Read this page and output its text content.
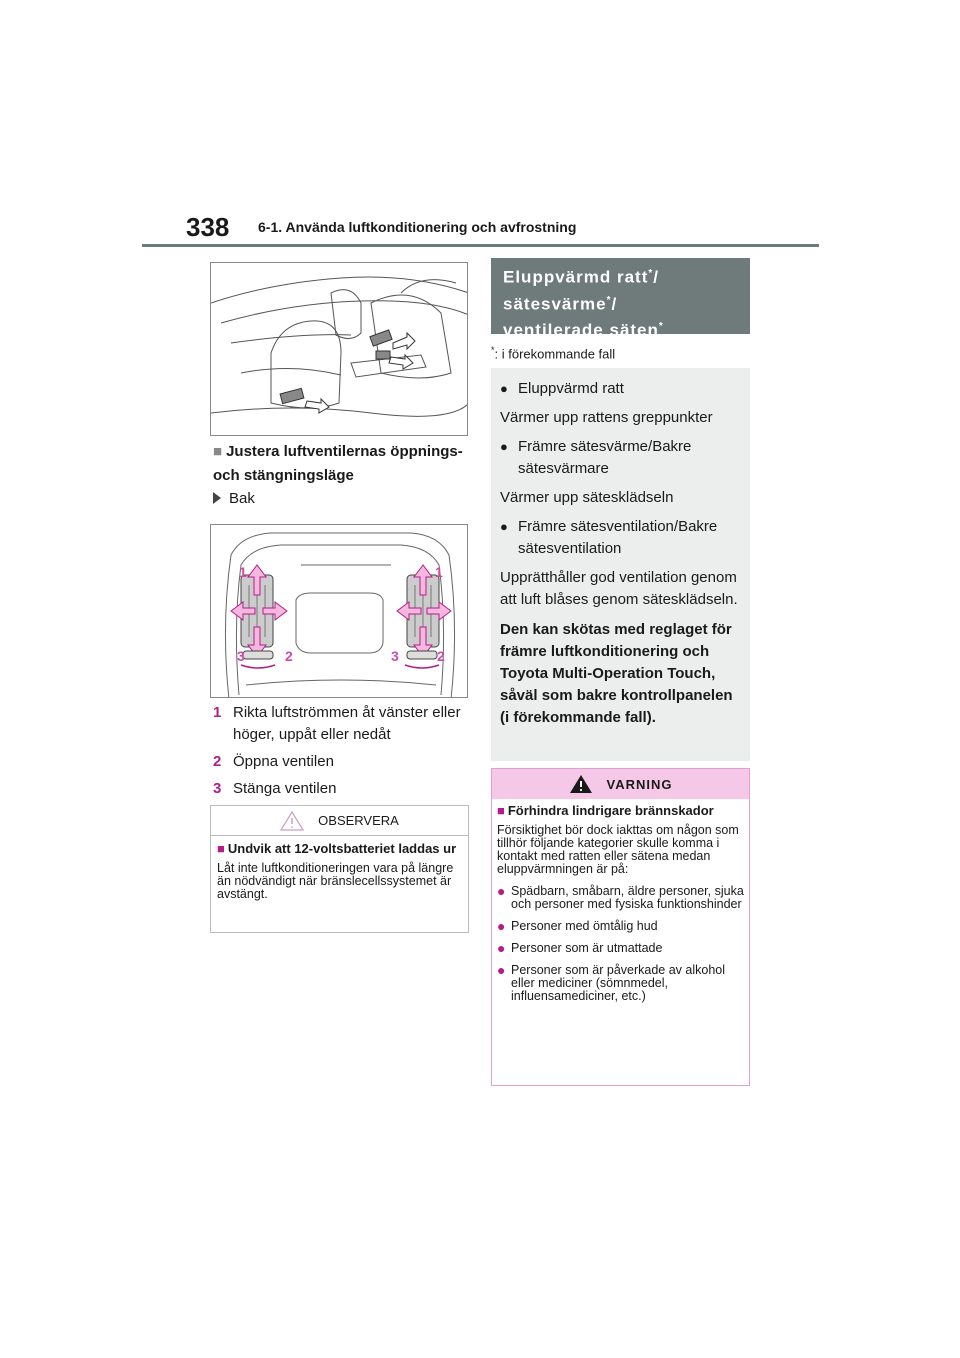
338 6-1. Använda luftkonditionering och avfrostning
■ Justera luftventilernas öppnings- och stängningsläge
Bak
1	1
3	2	3	2
1 Rikta luftströmmen åt vänster eller höger, uppåt eller nedåt
2 Öppna ventilen
3 Stänga ventilen
OBSERVERA
■ Undvik att 12-voltsbatteriet laddas ur
Låt inte luftkonditioneringen vara på längre än nödvändigt när bränslecellssystemet är avstängt.
Eluppvärmd ratt*/
sätesvärme*/
ventilerade säten*
*: i förekommande fall
● Eluppvärmd ratt

Värmer upp rattens greppunkter

● Främre sätesvärme/Bakre sätesvärmare

Värmer upp sätesklädseln

● Främre sätesventilation/Bakre sätesventilation

Upprätthåller god ventilation genom att luft blåses genom sätesklädseln.

Den kan skötas med reglaget för främre luftkonditionering och Toyota Multi-Operation Touch, såväl som bakre kontrollpanelen (i förekommande fall).

VARNING
■ Förhindra lindrigare brännskador
Försiktighet bör dock iakttas om någon som tillhör följande kategorier skulle komma i kontakt med ratten eller sätena medan eluppvärmningen är på:
● Spädbarn, småbarn, äldre personer, sjuka och personer med fysiska funktionshinder
● Personer med ömtålig hud
● Personer som är utmattade
● Personer som är påverkade av alkohol eller mediciner (sömnmedel, influensamediciner, etc.)
